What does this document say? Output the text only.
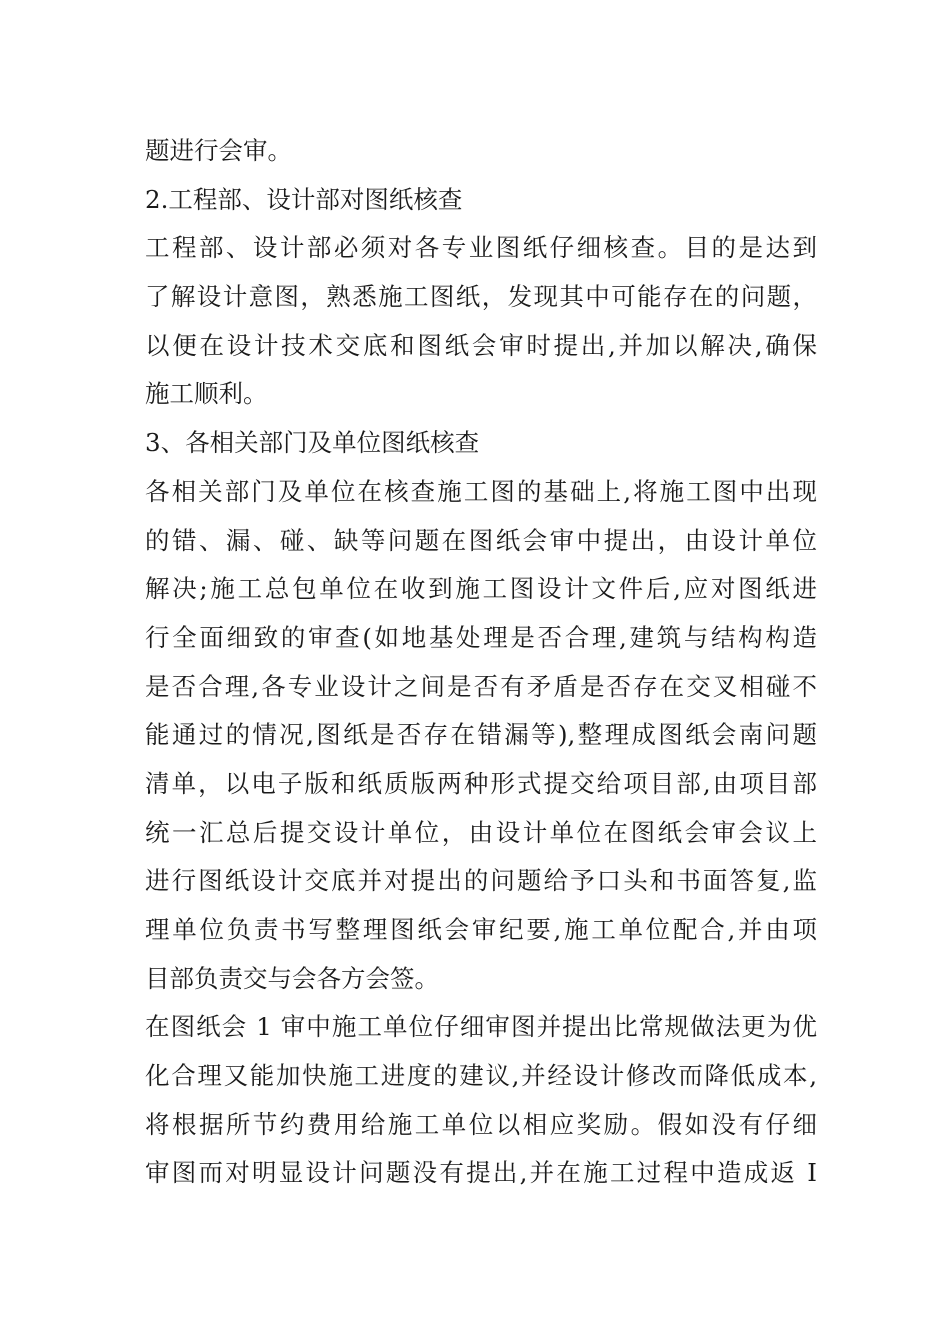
题进行会审。
2.工程部、设计部对图纸核查
工程部、设计部必须对各专业图纸仔细核查。目的是达到
了解设计意图，熟悉施工图纸，发现其中可能存在的问题，
以便在设计技术交底和图纸会审时提出,并加以解决,确保
施工顺利。
3、各相关部门及单位图纸核查
各相关部门及单位在核查施工图的基础上,将施工图中出现
的错、漏、碰、缺等问题在图纸会审中提出，由设计单位
解决;施工总包单位在收到施工图设计文件后,应对图纸进
行全面细致的审查(如地基处理是否合理,建筑与结构构造
是否合理,各专业设计之间是否有矛盾是否存在交叉相碰不
能通过的情况,图纸是否存在错漏等),整理成图纸会南问题
清单，以电子版和纸质版两种形式提交给项目部,由项目部
统一汇总后提交设计单位，由设计单位在图纸会审会议上
进行图纸设计交底并对提出的问题给予口头和书面答复,监
理单位负责书写整理图纸会审纪要,施工单位配合,并由项
目部负责交与会各方会签。
在图纸会 1 审中施工单位仔细审图并提出比常规做法更为优
化合理又能加快施工进度的建议,并经设计修改而降低成本,
将根据所节约费用给施工单位以相应奖励。假如没有仔细
审图而对明显设计问题没有提出,并在施工过程中造成返 I
